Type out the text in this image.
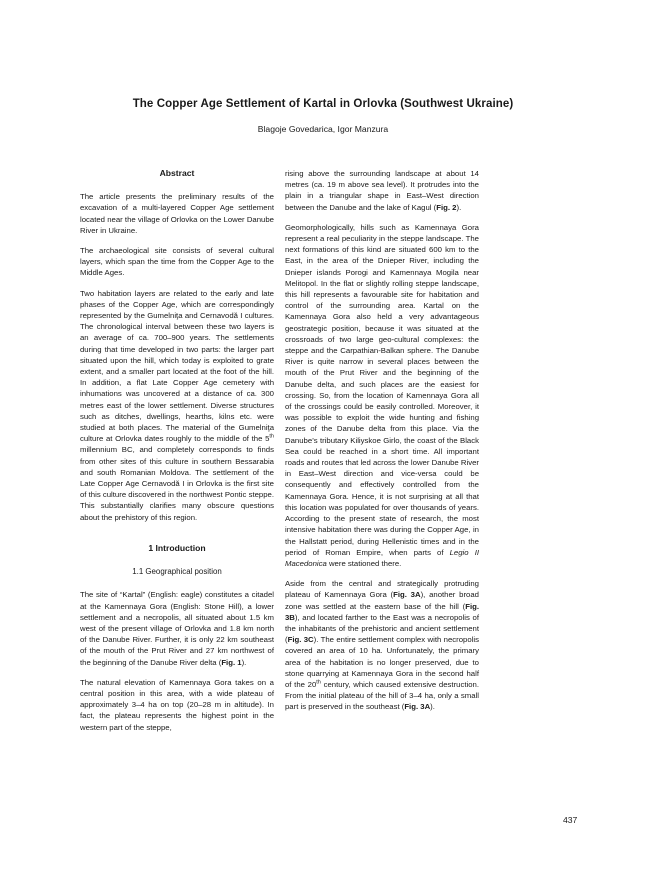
The Copper Age Settlement of Kartal in Orlovka (Southwest Ukraine)
Blagoje Govedarica, Igor Manzura
Abstract

The article presents the preliminary results of the excavation of a multi-layered Copper Age settlement located near the village of Orlovka on the Lower Danube River in Ukraine.

The archaeological site consists of several cultural layers, which span the time from the Copper Age to the Middle Ages.

Two habitation layers are related to the early and late phases of the Copper Age, which are correspondingly represented by the Gumelniţa and Cernavodă I cultures. The chronological interval between these two layers is an average of ca. 700–900 years. The settlements during that time developed in two parts: the larger part situated upon the hill, which today is exploited to grate extent, and a smaller part located at the foot of the hill. In addition, a flat Late Copper Age cemetery with inhumations was uncovered at a distance of ca. 300 metres east of the lower settlement. Diverse structures such as ditches, dwellings, hearths, kilns etc. were studied at both places. The material of the Gumelniţa culture at Orlovka dates roughly to the middle of the 5th millennium BC, and completely corresponds to finds from other sites of this culture in southern Bessarabia and south Romanian Moldova. The settlement of the Late Copper Age Cernavodă I in Orlovka is the first site of this culture discovered in the northwest Pontic steppe. This substantially clarifies many obscure questions about the prehistory of this region.

1 Introduction
1.1 Geographical position

The site of “Kartal” (English: eagle) constitutes a citadel at the Kamennaya Gora (English: Stone Hill), a lower settlement and a necropolis, all situated about 1.5 km west of the present village of Orlovka and 1.8 km north of the Danube River. Further, it is only 22 km southeast of the mouth of the Prut River and 27 km northwest of the beginning of the Danube River delta (Fig. 1).

The natural elevation of Kamennaya Gora takes on a central position in this area, with a wide plateau of approximately 3–4 ha on top (20–28 m in altitude). In fact, the plateau represents the highest point in the western part of the steppe,

rising above the surrounding landscape at about 14 metres (ca. 19 m above sea level). It protrudes into the plain in a triangular shape in East–West direction between the Danube and the lake of Kagul (Fig. 2).

Geomorphologically, hills such as Kamennaya Gora represent a real peculiarity in the steppe landscape. The next formations of this kind are situated 600 km to the East, in the area of the Dnieper River, including the Dnieper islands Porogi and Kamennaya Mogila near Melitopol. In the flat or slightly rolling steppe landscape, this hill represents a favourable site for habitation and control of the surrounding area. Kartal on the Kamennaya Gora also held a very advantageous geostrategic position, because it was situated at the crossroads of two large geo-cultural complexes: the steppe and the Carpathian-Balkan sphere. The Danube River is quite narrow in several places between the mouth of the Prut River and the beginning of the Danube delta, and such places are the easiest for crossing. So, from the location of Kamennaya Gora all of the crossings could be easily controlled. Moreover, it was possible to exploit the wide hunting and fishing zones of the Danube delta from this place. Via the Danube’s tributary Kiliyskoe Girlo, the coast of the Black Sea could be reached in a short time. All important roads and routes that led across the lower Danube River in East–West direction and vice-versa could be consequently and effectively controlled from the Kamennaya Gora. Hence, it is not surprising at all that this location was populated for over thousands of years. According to the present state of research, the most intensive habitation there was during the Copper Age, in the Hallstatt period, during Hellenistic times and in the period of Roman Empire, when parts of Legio II Macedonica were stationed there.

Aside from the central and strategically protruding plateau of Kamennaya Gora (Fig. 3A), another broad zone was settled at the eastern base of the hill (Fig. 3B), and located farther to the East was a necropolis of the inhabitants of the prehistoric and ancient settlement (Fig. 3C). The entire settlement complex with necropolis covered an area of 10 ha. Unfortunately, the primary area of the habitation is no longer preserved, due to stone quarrying at Kamennaya Gora in the second half of the 20th century, which caused extensive destruction. From the initial plateau of the hill of 3–4 ha, only a small part is preserved in the southeast (Fig. 3A).

437
